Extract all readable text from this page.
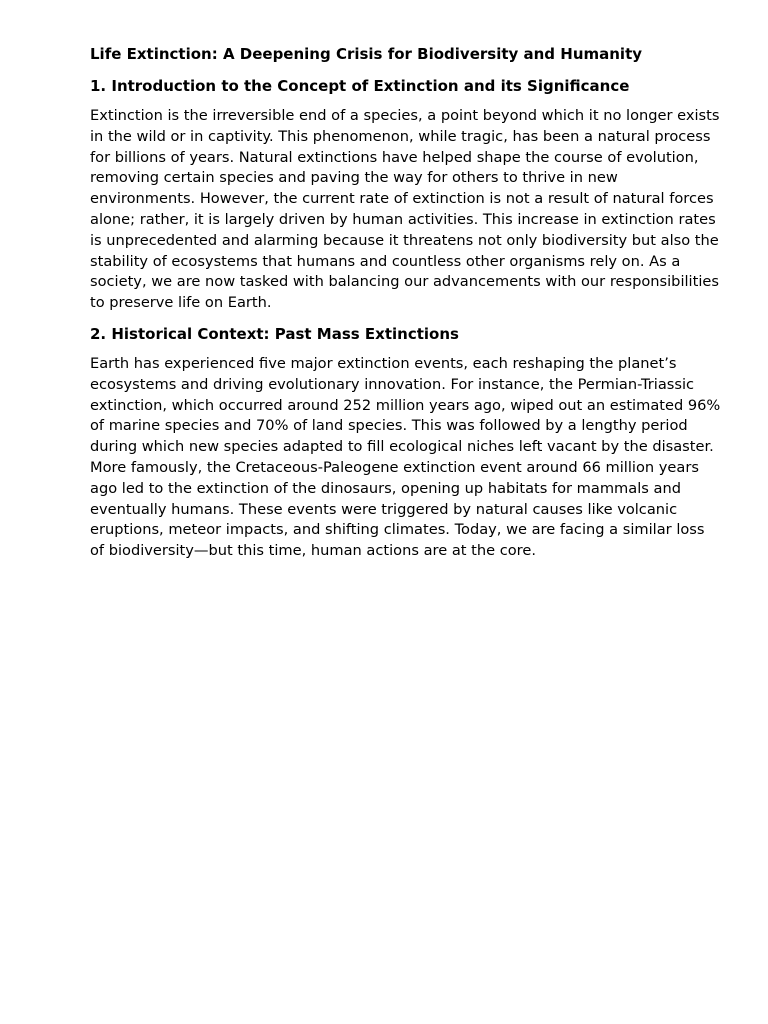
Life Extinction: A Deepening Crisis for Biodiversity and Humanity
1. Introduction to the Concept of Extinction and its Significance

Extinction is the irreversible end of a species, a point beyond which it no longer exists in the wild or in captivity. This phenomenon, while tragic, has been a natural process for billions of years. Natural extinctions have helped shape the course of evolution, removing certain species and paving the way for others to thrive in new environments. However, the current rate of extinction is not a result of natural forces alone; rather, it is largely driven by human activities. This increase in extinction rates is unprecedented and alarming because it threatens not only biodiversity but also the stability of ecosystems that humans and countless other organisms rely on. As a society, we are now tasked with balancing our advancements with our responsibilities to preserve life on Earth.

2. Historical Context: Past Mass Extinctions

Earth has experienced five major extinction events, each reshaping the planet’s ecosystems and driving evolutionary innovation. For instance, the Permian-Triassic extinction, which occurred around 252 million years ago, wiped out an estimated 96% of marine species and 70% of land species. This was followed by a lengthy period during which new species adapted to fill ecological niches left vacant by the disaster. More famously, the Cretaceous-Paleogene extinction event around 66 million years ago led to the extinction of the dinosaurs, opening up habitats for mammals and eventually humans. These events were triggered by natural causes like volcanic eruptions, meteor impacts, and shifting climates. Today, we are facing a similar loss of biodiversity—but this time, human actions are at the core.
